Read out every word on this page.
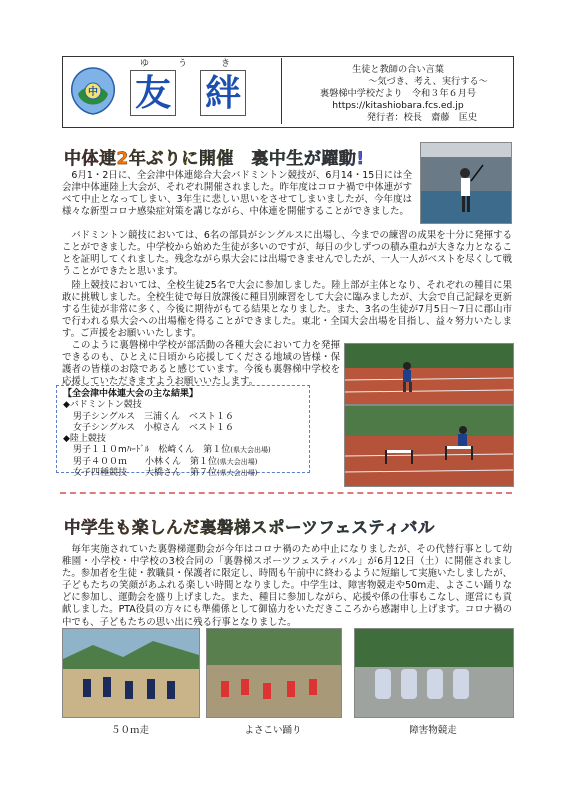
中
ゆ	う	き
友 絆
生徒と教師の合い言葉
～気づき、考え、実行する～
裏磐梯中学校だより　令和３年６月号
https://kitashiobara.fcs.ed.jp
発行者：校長　齋藤　匡史
中体連2年ぶりに開催　裏中生が躍動!
6月1・2日に、全会津中体連総合大会バドミントン競技が、6月14・15日には全会津中体連陸上大会が、それぞれ開催されました。昨年度はコロナ禍で中体連がすべて中止となってしまい、3年生に悲しい思いをさせてしまいましたが、今年度は様々な新型コロナ感染症対策を講じながら、中体連を開催することができました。
バドミントン競技においては、6名の部員がシングルスに出場し、今までの練習の成果を十分に発揮することができました。中学校から始めた生徒が多いのですが、毎日の少しずつの積み重ねが大きな力となることを証明してくれました。残念ながら県大会には出場できませんでしたが、一人一人がベストを尽くして戦うことができたと思います。
陸上競技においては、全校生徒25名で大会に参加しました。陸上部が主体となり、それぞれの種目に果敢に挑戦しました。全校生徒で毎日放課後に種目別練習をして大会に臨みましたが、大会で自己記録を更新する生徒が非常に多く、今後に期待がもてる結果となりました。また、3名の生徒が7月5日～7日に郡山市で行われる県大会への出場権を得ることができました。東北・全国大会出場を目指し、益々努力いたします。ご声援をお願いいたします。
このように裏磐梯中学校が部活動の各種大会において力を発揮できるのも、ひとえに日頃から応援してくださる地域の皆様・保護者の皆様のお陰であると感じています。今後も裏磐梯中学校を応援していただきますようお願いいたします。
【全会津中体連大会の主な結果】
◆バドミントン競技
男子シングルス　三浦くん　ベスト１６
女子シングルス　小椋さん　ベスト１６
◆陸上競技
男子１１０mﾊｰﾄﾞﾙ　松崎くん　第１位(県大会出場)
男子４００ｍ　　小林くん　第１位(県大会出場)
女子四種競技　　大橋さん　第７位(県大会出場)
中学生も楽しんだ裏磐梯スポーツフェスティバル
毎年実施されていた裏磐梯運動会が今年はコロナ禍のため中止になりましたが、その代替行事として幼稚園・小学校・中学校の3校合同の「裏磐梯スポーツフェスティバル」が6月12日（土）に開催されました。参加者を生徒・教職員・保護者に限定し、時間も午前中に終わるように短縮して実施いたしましたが、子どもたちの笑顔があふれる楽しい時間となりました。中学生は、障害物競走や50m走、よさこい踊りなどに参加し、運動会を盛り上げました。また、種目に参加しながら、応援や係の仕事もこなし、運営にも貢献しました。PTA役員の方々にも準備係として御協力をいただきこころから感謝申し上げます。コロナ禍の中でも、子どもたちの思い出に残る行事となりました。
５０ｍ走	よさこい踊り	障害物競走
